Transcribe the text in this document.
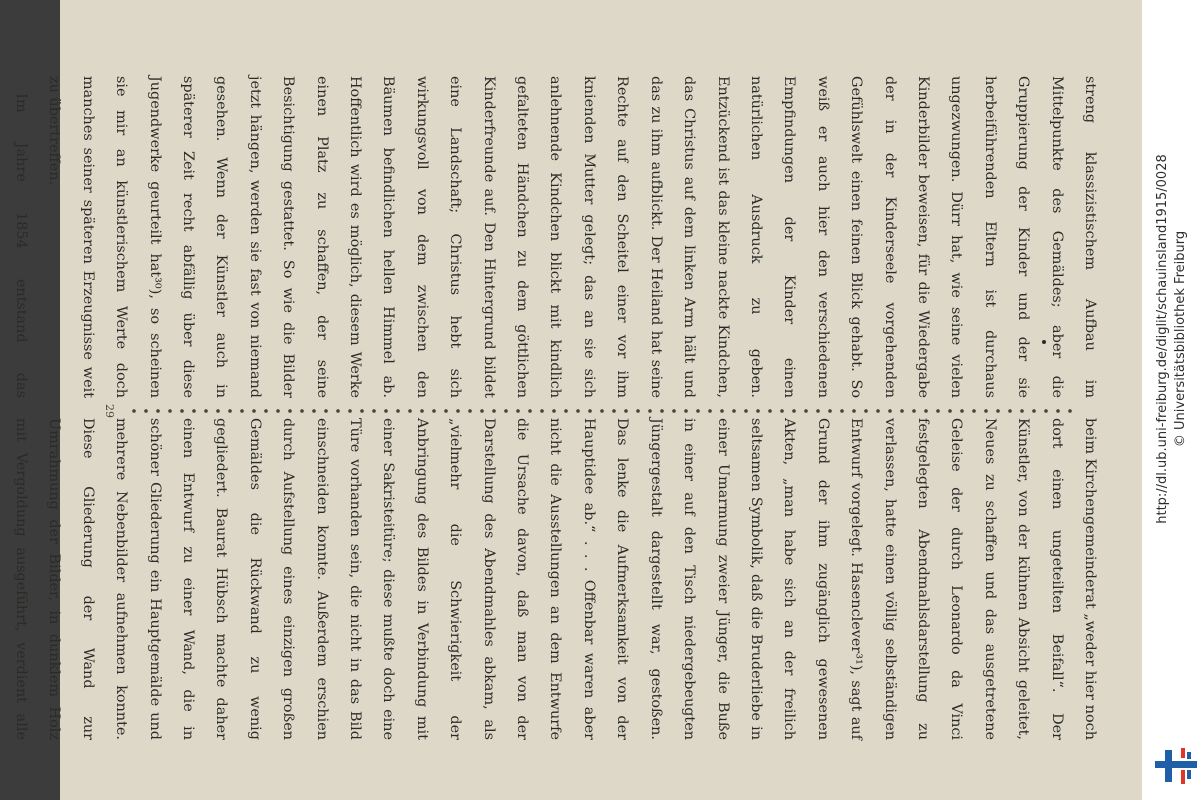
streng klassizistischem Aufbau im Mittelpunkte des Gemäldes; aber die Gruppierung der Kinder und der sie herbeiführenden Eltern ist durchaus ungezwungen. Dürr hat, wie seine vielen Kinderbilder beweisen, für die Wiedergabe der in der Kinderseele vorgehenden Gefühlswelt einen feinen Blick gehabt. So weiß er auch hier den verschiedenen Empfindungen der Kinder einen natürlichen Ausdruck zu geben. Entzückend ist das kleine nackte Kindchen, das Christus auf dem linken Arm hält und das zu ihm aufblickt. Der Heiland hat seine Rechte auf den Scheitel einer vor ihm knienden Mutter gelegt; das an sie sich anlehnende Kindchen blickt mit kindlich gefalteten Händchen zu dem göttlichen Kinderfreunde auf. Den Hintergrund bildet eine Landschaft; Christus hebt sich wirkungsvoll von dem zwischen den Bäumen befindlichen hellen Himmel ab. Hoffentlich wird es möglich, diesem Werke einen Platz zu schaffen, der seine Besichtigung gestattet. So wie die Bilder jetzt hängen, werden sie fast von niemand gesehen. Wenn der Künstler auch in späterer Zeit recht abfällig über diese Jugendwerke geurteilt hat³⁰), so scheinen sie mir an künstlerischem Werte doch manches seiner späteren Erzeugnisse weit zu übertreffen.

Im Jahre 1854 entstand das

beim Kirchengemeinderat „weder hier noch dort einen ungeteilten Beifall“. Der Künstler, von der kühnen Absicht geleitet, Neues zu schaffen und das ausgetretene Geleise der durch Leonardo da Vinci festgelegten Abendmahlsdarstellung zu verlassen, hatte einen völlig selbständigen Entwurf vorgelegt. Hasenclever³¹), sagt auf Grund der ihm zugänglich gewesenen Akten, „man habe sich an der freilich seltsamen Symbolik, daß die Bruderliebe in einer Umarmung zweier Jünger, die Buße in einer auf den Tisch niedergebeugten Jüngergestalt dargestellt war, gestoßen. Das lenke die Aufmerksamkeit von der Hauptidee ab.“ . . . Offenbar waren aber nicht die Ausstellungen an dem Entwurfe die Ursache davon, daß man von der Darstellung des Abendmahles abkam, als „vielmehr die Schwierigkeit der Anbringung des Bildes in Verbindung mit einer Sakristeitüre; diese mußte doch eine Türe vorhanden sein, die nicht in das Bild einschneiden konnte. Außerdem erschien durch Aufstellung eines einzigen großen Gemäldes die Rückwand zu wenig gegliedert. Baurat Hübsch machte daher einen Entwurf zu einer Wand, die in schöner Gliederung ein Hauptgemälde und mehrere Nebenbilder aufnehmen konnte. Diese Gliederung der Wand zur Umrahmung der Bilder, in dunklem Holz mit Vergoldung ausgeführt, verdient alle

29	http://dl.ub.uni-freiburg.de/diglit/schauinsland1915/0028 © Universitätsbibliothek Freiburg
